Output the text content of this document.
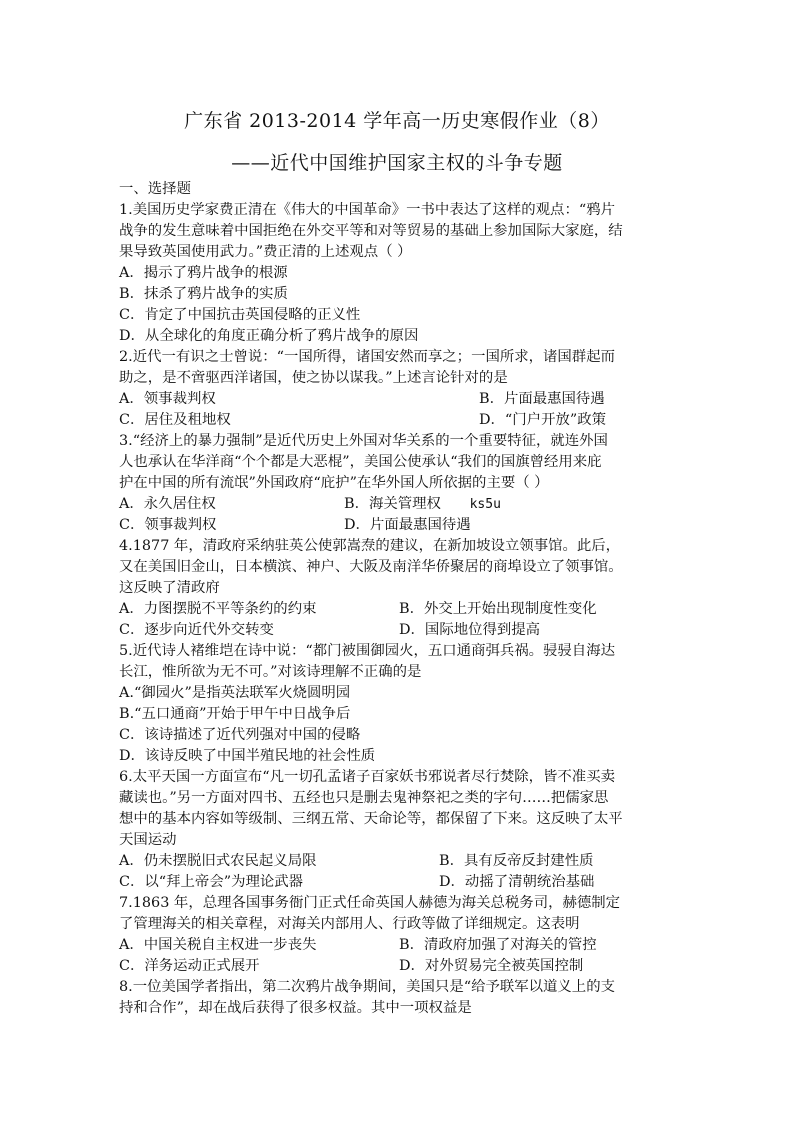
广东省 2013-2014 学年高一历史寒假作业（8）
——近代中国维护国家主权的斗争专题
一、选择题
1.美国历史学家费正清在《伟大的中国革命》一书中表达了这样的观点：“鸦片
战争的发生意味着中国拒绝在外交平等和对等贸易的基础上参加国际大家庭，结
果导致英国使用武力。”费正清的上述观点（ ）
A．揭示了鸦片战争的根源
B．抹杀了鸦片战争的实质
C．肯定了中国抗击英国侵略的正义性
D．从全球化的角度正确分析了鸦片战争的原因
2.近代一有识之士曾说：“一国所得，诸国安然而享之；一国所求，诸国群起而
助之，是不啻驱西洋诸国，使之协以谋我。”上述言论针对的是
A．领事裁判权	B．片面最惠国待遇
C．居住及租地权	D．“门户开放”政策
3.“经济上的暴力强制”是近代历史上外国对华关系的一个重要特征，就连外国
人也承认在华洋商“个个都是大恶棍”，美国公使承认“我们的国旗曾经用来庇
护在中国的所有流氓”外国政府“庇护”在华外国人所依据的主要（ ）
A．永久居住权	B．海关管理权	ks5u
C．领事裁判权	D．片面最惠国待遇
4.1877 年，清政府采纳驻英公使郭嵩焘的建议，在新加坡设立领事馆。此后，
又在美国旧金山，日本横滨、神户、大阪及南洋华侨聚居的商埠设立了领事馆。
这反映了清政府
A．力图摆脱不平等条约的约束	B．外交上开始出现制度性变化
C．逐步向近代外交转变	D．国际地位得到提高
5.近代诗人褚维垲在诗中说：“都门被围御园火，五口通商弭兵祸。骎骎自海达
长江，惟所欲为无不可。”对该诗理解不正确的是
A.“御园火”是指英法联军火烧圆明园
B.“五口通商”开始于甲午中日战争后
C．该诗描述了近代列强对中国的侵略
D．该诗反映了中国半殖民地的社会性质
6.太平天国一方面宣布“凡一切孔孟诸子百家妖书邪说者尽行焚除，皆不准买卖
藏读也。”另一方面对四书、五经也只是删去鬼神祭祀之类的字句……把儒家思
想中的基本内容如等级制、三纲五常、天命论等，都保留了下来。这反映了太平
天国运动
A．仍未摆脱旧式农民起义局限	B．具有反帝反封建性质
C．以“拜上帝会”为理论武器	D．动摇了清朝统治基础
7.1863 年，总理各国事务衙门正式任命英国人赫德为海关总税务司，赫德制定
了管理海关的相关章程，对海关内部用人、行政等做了详细规定。这表明
A．中国关税自主权进一步丧失	B．清政府加强了对海关的管控
C．洋务运动正式展开	D．对外贸易完全被英国控制
8.一位美国学者指出，第二次鸦片战争期间，美国只是“给予联军以道义上的支
持和合作”，却在战后获得了很多权益。其中一项权益是
